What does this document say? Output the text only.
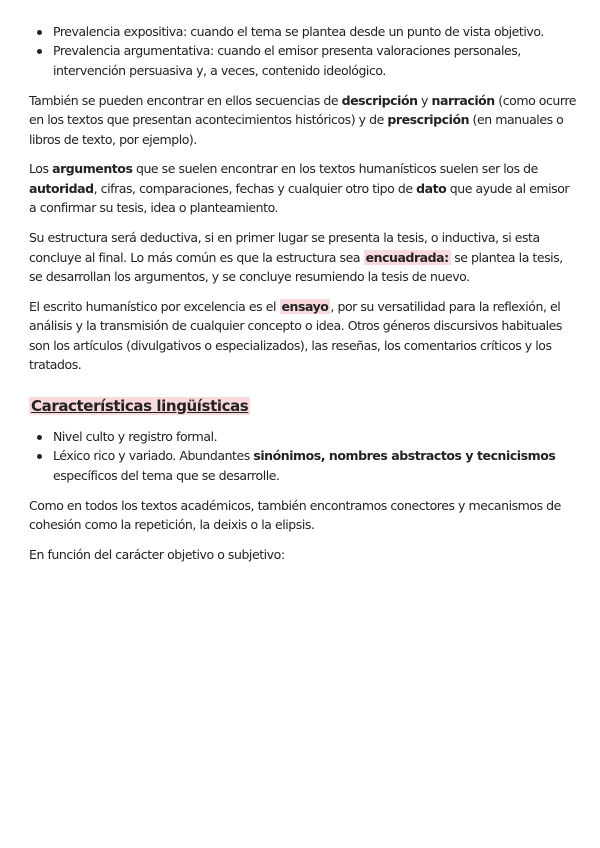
Prevalencia expositiva: cuando el tema se plantea desde un punto de vista objetivo.
Prevalencia argumentativa: cuando el emisor presenta valoraciones personales, intervención persuasiva y, a veces, contenido ideológico.

También se pueden encontrar en ellos secuencias de descripción y narración (como ocurre en los textos que presentan acontecimientos históricos) y de prescripción (en manuales o libros de texto, por ejemplo).

Los argumentos que se suelen encontrar en los textos humanísticos suelen ser los de autoridad, cifras, comparaciones, fechas y cualquier otro tipo de dato que ayude al emisor a confirmar su tesis, idea o planteamiento.

Su estructura será deductiva, si en primer lugar se presenta la tesis, o inductiva, si esta concluye al final. Lo más común es que la estructura sea encuadrada: se plantea la tesis, se desarrollan los argumentos, y se concluye resumiendo la tesis de nuevo.

El escrito humanístico por excelencia es el ensayo , por su versatilidad para la reflexión, el análisis y la transmisión de cualquier concepto o idea. Otros géneros discursivos habituales son los artículos (divulgativos o especializados), las reseñas, los comentarios críticos y los tratados.

Características lingüísticas
Nivel culto y registro formal.
Léxico rico y variado. Abundantes sinónimos, nombres abstractos y tecnicismos específicos del tema que se desarrolle.

Como en todos los textos académicos, también encontramos conectores y mecanismos de cohesión como la repetición, la deixis o la elipsis.

En función del carácter objetivo o subjetivo:
